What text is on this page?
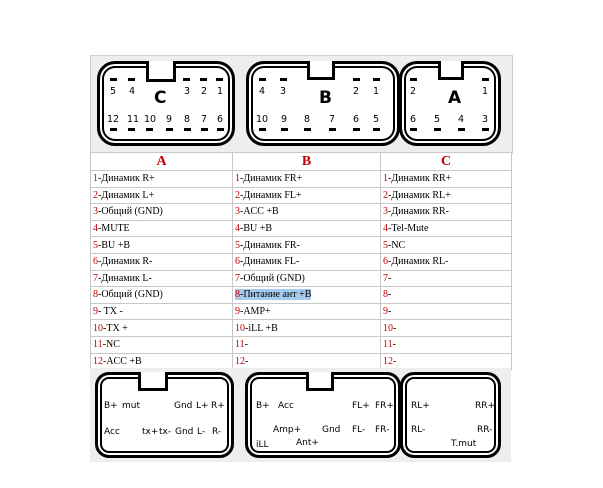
5 4 C 3 2 1
12 11 10 9 8 7 6
4 3 B 2 1
10 9 8 7 6 5
2 A 1
6 5 4 3
A	B	C
1-Динамик R+	1-Динамик FR+	1-Динамик RR+
2-Динамик L+	2-Динамик FL+	2-Динамик RL+
3-Общий (GND)	3-ACC +B	3-Динамик RR-
4-MUTE	4-BU +B	4-Tel-Mute
5-BU +B	5-Динамик FR-	5-NC
6-Динамик R-	6-Динамик FL-	6-Динамик RL-
7-Динамик L-	7-Общий (GND)	7-
8-Общий (GND)	8-Питание ант +B	8-
9- TX -	9-AMP+	9-
10-TX +	10-iLL +B	10-
11-NC	11-	11-
12-ACC +B	12-	12-
B+ mut	Gnd L+ R+
Acc tx+ tx- Gnd L- R-
B+ Acc	FL+ FR+
Amp+ Gnd FL- FR-
iLL	Ant+
RL+	RR+
RL-	RR-
T.mut
